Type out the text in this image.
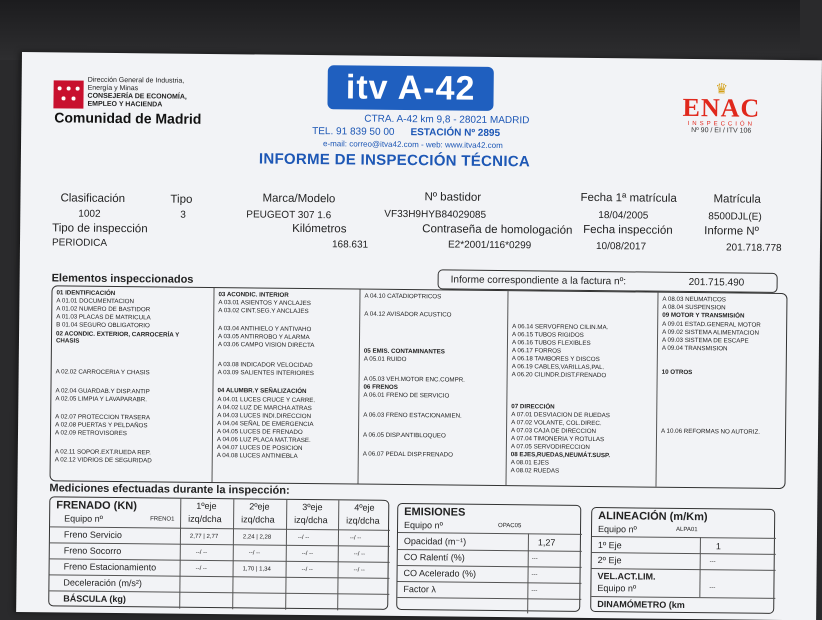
Dirección General de Industria,
Energía y Minas
CONSEJERÍA DE ECONOMÍA,
EMPLEO Y HACIENDA
Comunidad de Madrid
itv A-42
CTRA. A-42 km 9,8 - 28021 MADRID
TEL. 91 839 50 00 ESTACIÓN Nº 2895
e-mail: correo@itva42.com - web: www.itva42.com
INFORME DE INSPECCIÓN TÉCNICA
♛
ENAC
INSPECCIÓN
Nº 90 / EI / ITV 106
Clasificación
1002
Tipo
3
Marca/Modelo
PEUGEOT 307 1.6
Nº bastidor
VF33H9HYB84029085
Fecha 1ª matrícula
18/04/2005
Matrícula
8500DJL(E)
Tipo de inspección
PERIODICA
Kilómetros
168.631
Contraseña de homologación
E2*2001/116*0299
Fecha inspección
10/08/2017
Informe Nº
201.718.778
Elementos inspeccionados	Informe correspondiente a la factura nº:	201.715.490
01 IDENTIFICACIÓN
A 01.01 DOCUMENTACION
A 01.02 NUMERO DE BASTIDOR
A 01.03 PLACAS DE MATRICULA
B 01.04 SEGURO OBLIGATORIO
02 ACONDIC. EXTERIOR, CARROCERÍA Y
CHASIS
A 02.02 CARROCERIA Y CHASIS
A 02.04 GUARDAB.Y DISP.ANTIP
A 02.05 LIMPIA Y LAVAPARABR.
A 02.07 PROTECCION TRASERA
A 02.08 PUERTAS Y PELDAÑOS
A 02.09 RETROVISORES
A 02.11 SOPOR.EXT.RUEDA REP.
A 02.12 VIDRIOS DE SEGURIDAD
03 ACONDIC. INTERIOR
A 03.01 ASIENTOS Y ANCLAJES
A 03.02 CINT.SEG.Y ANCLAJES
A 03.04 ANTIHIELO Y ANTIVAHO
A 03.05 ANTIRROBO Y ALARMA
A 03.06 CAMPO VISION DIRECTA
A 03.08 INDICADOR VELOCIDAD
A 03.09 SALIENTES INTERIORES
04 ALUMBR.Y SEÑALIZACIÓN
A 04.01 LUCES CRUCE Y CARRE.
A 04.02 LUZ DE MARCHA ATRAS
A 04.03 LUCES INDI.DIRECCION
A 04.04 SEÑAL DE EMERGENCIA
A 04.05 LUCES DE FRENADO
A 04.06 LUZ PLACA MAT.TRASE.
A 04.07 LUCES DE POSICION
A 04.08 LUCES ANTINIEBLA
A 04.10 CATADIOPTRICOS
A 04.12 AVISADOR ACUSTICO
05 EMIS. CONTAMINANTES
A 05.01 RUIDO
A 05.03 VEH.MOTOR ENC.COMPR.
06 FRENOS
A 06.01 FRENO DE SERVICIO
A 06.03 FRENO ESTACIONAMIEN.
A 06.05 DISP.ANTIBLOQUEO
A 06.07 PEDAL DISP.FRENADO
A 06.14 SERVOFRENO CILIN.MA.
A 06.15 TUBOS RIGIDOS
A 06.16 TUBOS FLEXIBLES
A 06.17 FORROS
A 06.18 TAMBORES Y DISCOS
A 06.19 CABLES,VARILLAS,PAL.
A 06.20 CILINDR.DIST.FRENADO
07 DIRECCIÓN
A 07.01 DESVIACION DE RUEDAS
A 07.02 VOLANTE, COL.DIREC.
A 07.03 CAJA DE DIRECCION
A 07.04 TIMONERIA Y ROTULAS
A 07.05 SERVODIRECCION
08 EJES,RUEDAS,NEUMÁT.SUSP.
A 08.01 EJES
A 08.02 RUEDAS
A 08.03 NEUMATICOS
A 08.04 SUSPENSION
09 MOTOR Y TRANSMISIÓN
A 09.01 ESTAD.GENERAL MOTOR
A 09.02 SISTEMA ALIMENTACION
A 09.03 SISTEMA DE ESCAPE
A 09.04 TRANSMISION
10 OTROS
A 10.06 REFORMAS NO AUTORIZ.
Mediciones efectuadas durante la inspección:
FRENADO (KN)
Equipo nº	FRENO1
1ºeje	2ºeje	3ºeje	4ºeje
izq/dcha izq/dcha izq/dcha izq/dcha
Freno Servicio	2,77 | 2,77	2,24 | 2,28	--/ --	--/ --
Freno Socorro	--/ --	--/ --	--/ --	--/ --
Freno Estacionamiento	--/ --	1,70 | 1,34	--/ --	--/ --
Deceleración (m/s²)
BÁSCULA (kg)
EMISIONES
Equipo nº	OPAC05
Opacidad (m⁻¹)	1,27
CO Ralentí (%)	---
CO Acelerado (%)	---
Factor λ	---
ALINEACIÓN (m/Km)
Equipo nº	ALPA01
1º Eje	1
2º Eje	---
VEL.ACT.LIM.
Equipo nº	---
DINAMÓMETRO (km
